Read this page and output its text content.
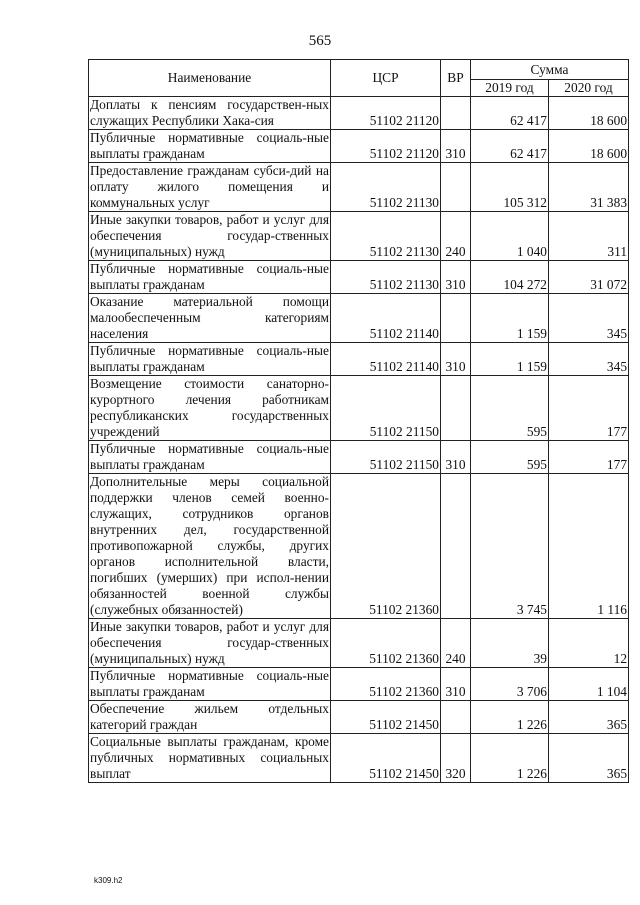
565
Наименование	ЦСР	ВР	Сумма	
			2019 год	2020 год
Доплаты к пенсиям государствен-ных служащих Республики Хака-сия	51102 21120		62 417	18 600
Публичные нормативные социаль-ные выплаты гражданам	51102 21120	310	62 417	18 600
Предоставление гражданам субси-дий на оплату жилого помещения и коммунальных услуг	51102 21130		105 312	31 383
Иные закупки товаров, работ и услуг для обеспечения государ-ственных (муниципальных) нужд	51102 21130	240	1 040	311
Публичные нормативные социаль-ные выплаты гражданам	51102 21130	310	104 272	31 072
Оказание материальной помощи малообеспеченным категориям населения	51102 21140		1 159	345
Публичные нормативные социаль-ные выплаты гражданам	51102 21140	310	1 159	345
Возмещение стоимости санаторно-курортного лечения работникам республиканских государственных учреждений	51102 21150		595	177
Публичные нормативные социаль-ные выплаты гражданам	51102 21150	310	595	177
Дополнительные меры социальной поддержки членов семей военно-служащих, сотрудников органов внутренних дел, государственной противопожарной службы, других органов исполнительной власти, погибших (умерших) при испол-нении обязанностей военной службы (служебных обязанностей)	51102 21360		3 745	1 116
Иные закупки товаров, работ и услуг для обеспечения государ-ственных (муниципальных) нужд	51102 21360	240	39	12
Публичные нормативные социаль-ные выплаты гражданам	51102 21360	310	3 706	1 104
Обеспечение жильем отдельных категорий граждан	51102 21450		1 226	365
Социальные выплаты гражданам, кроме публичных нормативных социальных выплат	51102 21450	320	1 226	365
k309.h2
